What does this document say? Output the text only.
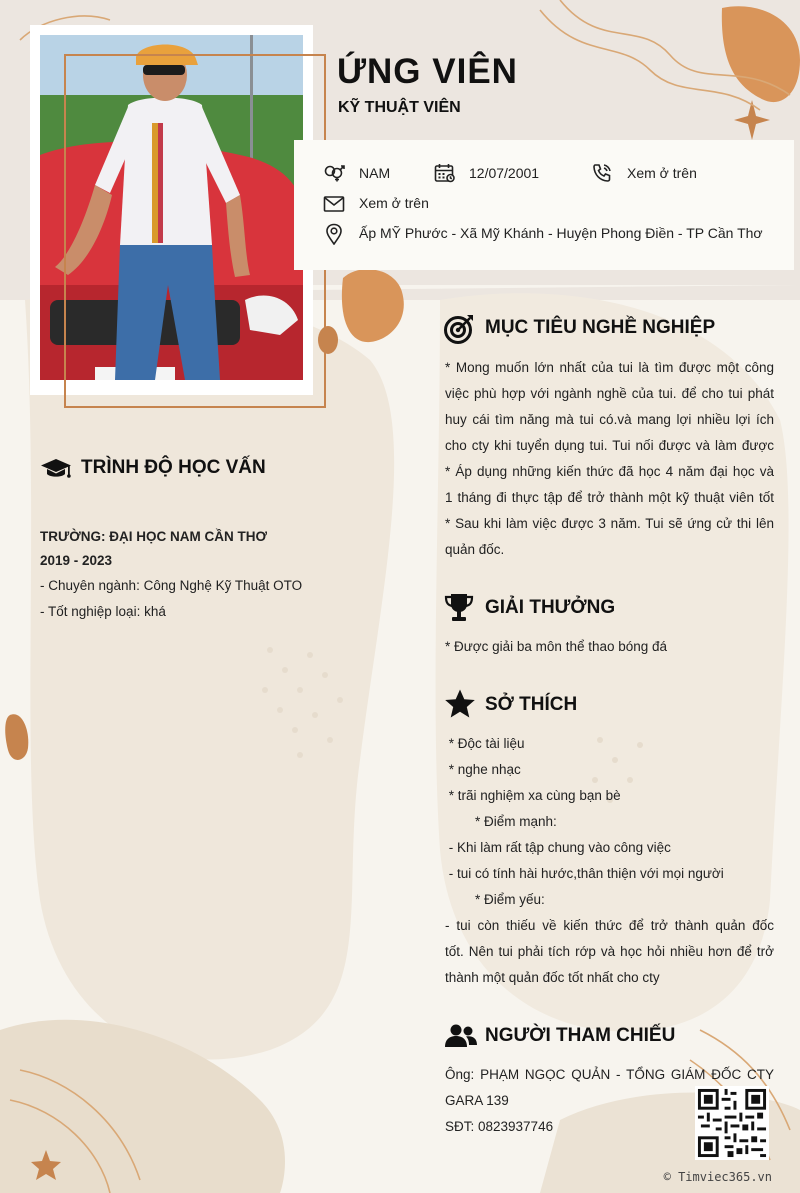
ỨNG VIÊN
KỸ THUẬT VIÊN
NAM	12/07/2001	Xem ở trên
Xem ở trên
Ấp MỸ Phước - Xã Mỹ Khánh - Huyện Phong Điền - TP Cần Thơ
TRÌNH ĐỘ HỌC VẤN
TRƯỜNG: ĐẠI HỌC NAM CẦN THƠ
2019 - 2023
- Chuyên ngành: Công Nghệ Kỹ Thuật OTO
- Tốt nghiệp loại: khá
MỤC TIÊU NGHỀ NGHIỆP
* Mong muốn lớn nhất của tui là tìm được một công
việc phù hợp với ngành nghề của tui. để cho tui phát
huy cái tìm năng mà tui có.và mang lợi nhiều lợi ích
cho cty khi tuyển dụng tui. Tui nối được và làm được
* Áp dụng những kiến thức đã học 4 năm đại học và
1 tháng đi thực tập để trở thành một kỹ thuật viên tốt
* Sau khi làm việc được 3 năm. Tui sẽ ứng cử thi lên
quản đốc.
GIẢI THƯỞNG
* Được giải ba môn thể thao bóng đá
SỞ THÍCH
* Độc tài liệu
* nghe nhạc
* trãi nghiệm xa cùng bạn bè
* Điểm mạnh:
- Khi làm rất tập chung vào công việc
- tui có tính hài hước,thân thiện với mọi người
* Điểm yếu:
- tui còn thiếu về kiến thức để trở thành quản đốc
tốt. Nên tui phải tích rớp và học hỏi nhiều hơn để trở
thành một quản đốc tốt nhất cho cty
NGƯỜI THAM CHIẾU
Ông: PHẠM NGỌC QUẢN - TỔNG GIÁM ĐỐC CTY
GARA 139
SĐT: 0823937746
© Timviec365.vn
